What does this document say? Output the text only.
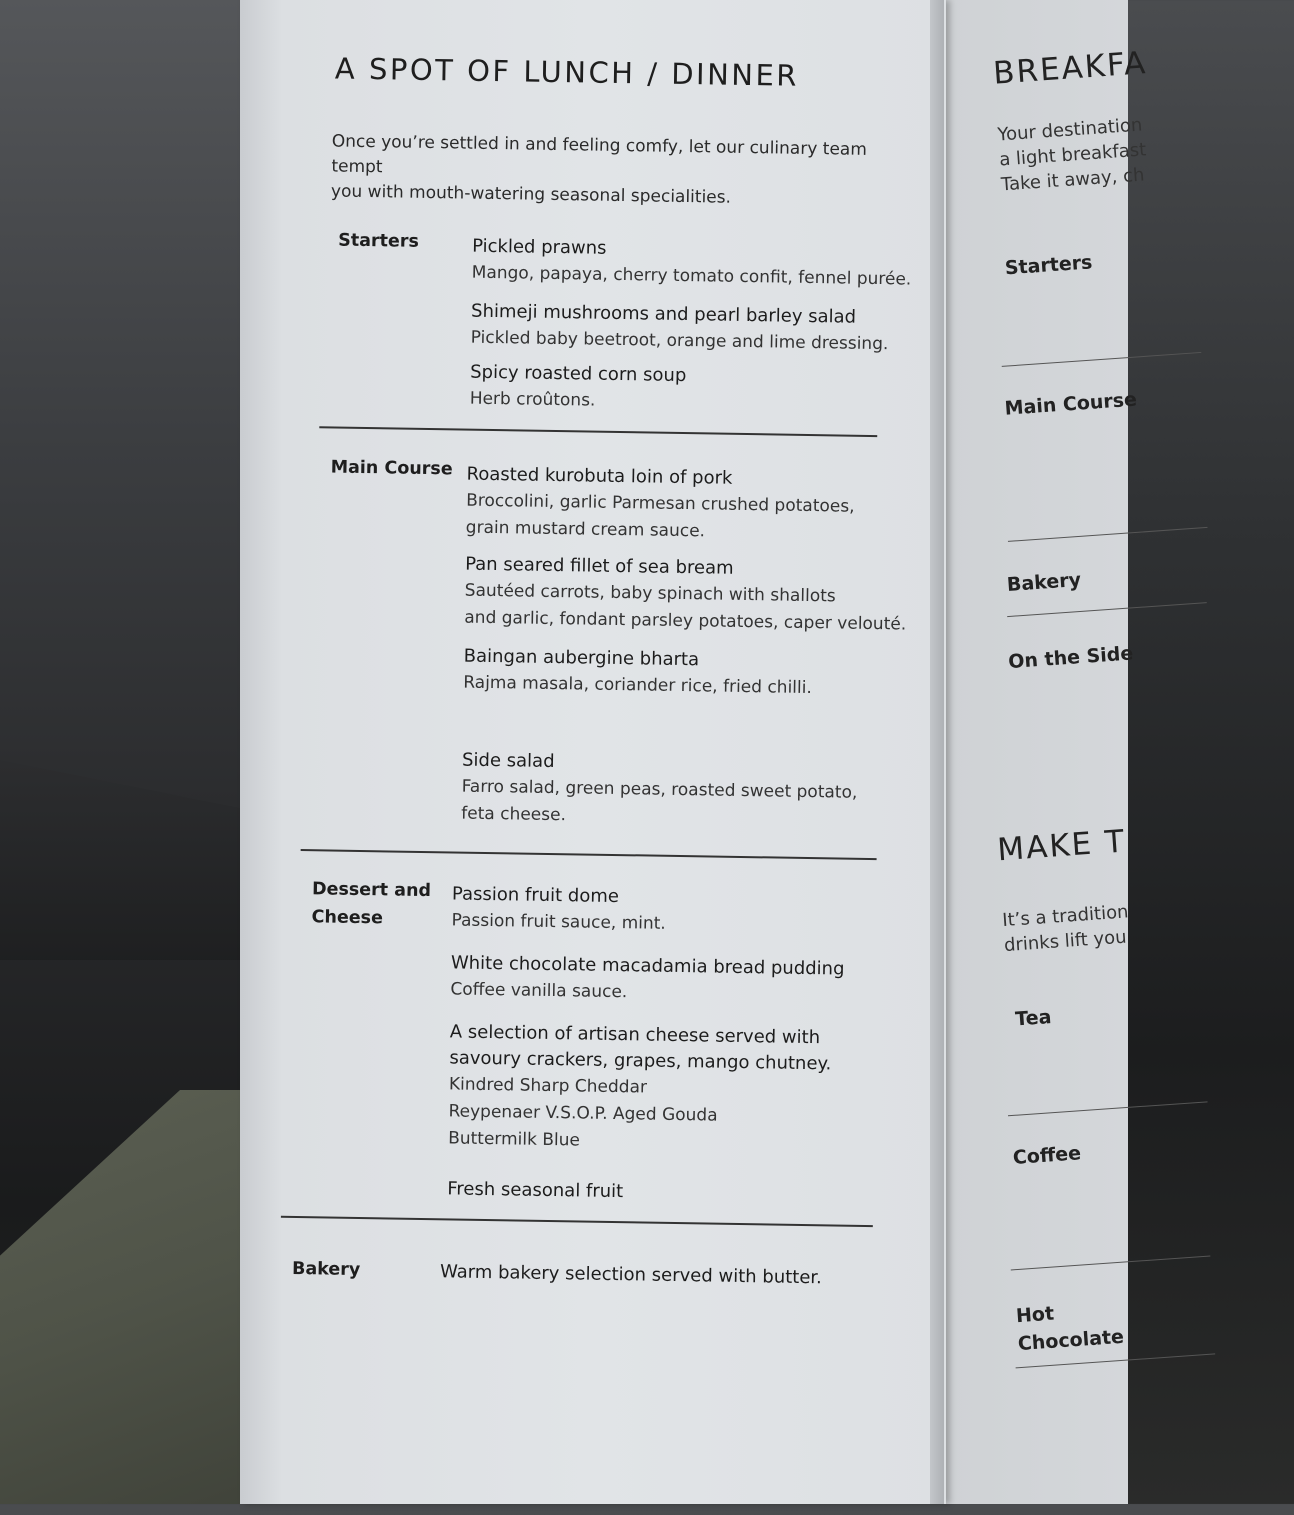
BREAKFA
Your destination
a light breakfast
Take it away, ch
Starters
Main Course
Bakery
On the Side
MAKE T
It’s a tradition
drinks lift you
Tea
Coffee
Hot
Chocolate
A SPOT OF LUNCH / DINNER
Once you’re settled in and feeling comfy, let our culinary team tempt
you with mouth-watering seasonal specialities.
Starters	Pickled prawns
Mango, papaya, cherry tomato confit, fennel purée.
Shimeji mushrooms and pearl barley salad
Pickled baby beetroot, orange and lime dressing.
Spicy roasted corn soup
Herb croûtons.
Main Course Roasted kurobuta loin of pork
Broccolini, garlic Parmesan crushed potatoes,
grain mustard cream sauce.
Pan seared fillet of sea bream
Sautéed carrots, baby spinach with shallots
and garlic, fondant parsley potatoes, caper velouté.
Baingan aubergine bharta
Rajma masala, coriander rice, fried chilli.
Side salad
Farro salad, green peas, roasted sweet potato,
feta cheese.
Dessert and
Cheese
Passion fruit dome
Passion fruit sauce, mint.
White chocolate macadamia bread pudding
Coffee vanilla sauce.
A selection of artisan cheese served with
savoury crackers, grapes, mango chutney.
Kindred Sharp Cheddar
Reypenaer V.S.O.P. Aged Gouda
Buttermilk Blue
Fresh seasonal fruit
Bakery	Warm bakery selection served with butter.
